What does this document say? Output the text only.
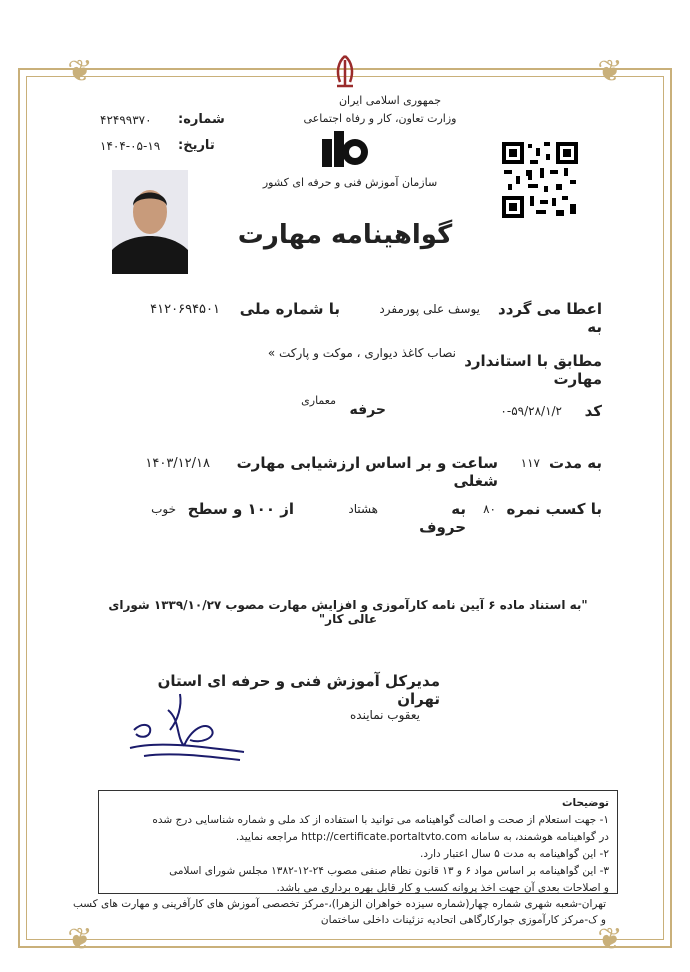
❦	❦
❦	❦
جمهوری اسلامی ایران
وزارت تعاون، کار و رفاه اجتماعی
سازمان آموزش فنی و حرفه ای کشور
شماره:
۴۲۴۹۹۳۷۰
تاریخ:
۱۴۰۴-۰۵-۱۹
گواهینامه مهارت
اعطا می گردد به
یوسف علی پورمفرد
با شماره ملی
۴۱۲۰۶۹۴۵۰۱
مطابق با استاندارد مهارت
نصاب کاغذ دیواری ، موکت و پارکت »
کد
۰-۵۹/۲۸/۱/۲
حرفه
معماری
به مدت
۱۱۷
ساعت و بر اساس ارزشیابی مهارت شغلی
۱۴۰۳/۱۲/۱۸
با کسب نمره
۸۰
به حروف
هشتاد
از ۱۰۰ و سطح
خوب
"به استناد ماده ۶ آیین نامه کارآموزی و افزایش مهارت مصوب ۱۳۳۹/۱۰/۲۷ شورای عالی کار"
مدیرکل آموزش فنی و حرفه ای استان تهران
یعقوب نماینده
توضیحات
۱- جهت استعلام از صحت و اصالت گواهینامه می توانید با استفاده از کد ملی و شماره شناسایی درج شده
در گواهینامه هوشمند، به سامانه http://certificate.portaltvto.com مراجعه نمایید.
۲- این گواهینامه به مدت ۵ سال اعتبار دارد.
۳- این گواهینامه بر اساس مواد ۶ و ۱۳ قانون نظام صنفی مصوب ۲۴-۱۲-۱۳۸۲ مجلس شورای اسلامی
و اصلاحات بعدی آن جهت اخذ پروانه کسب و کار قابل بهره برداری می باشد.
تهران-شعبه شهری شماره چهار(شماره سیزده خواهران الزهرا)،-مرکز تخصصی آموزش های کارآفرینی و مهارت های کسب
و ک-مرکز کارآموزی جوارکارگاهی اتحادیه تزئینات داخلی ساختمان
